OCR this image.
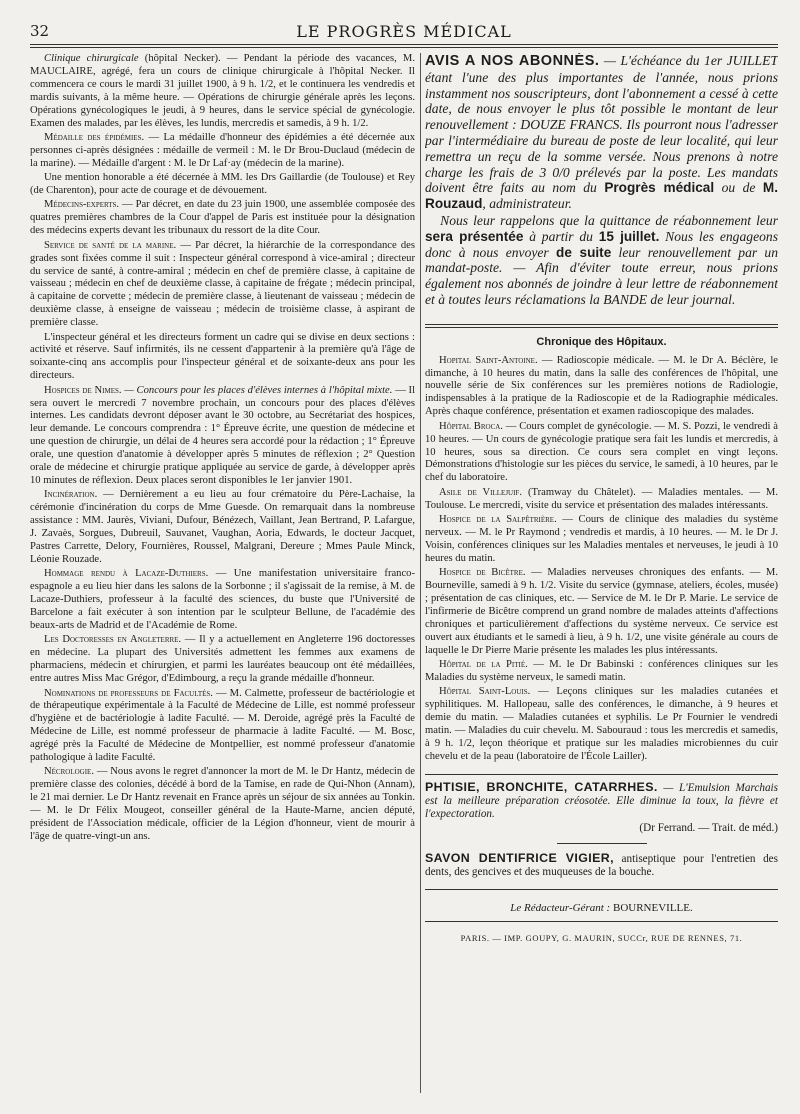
32	LE PROGRÈS MÉDICAL

Clinique chirurgicale (hôpital Necker). — Pendant la période des vacances, M. MAUCLAIRE, agrégé, fera un cours de clinique chirurgicale à l'hôpital Necker. Il commencera ce cours le mardi 31 juillet 1900, à 9 h. 1/2, et le continuera les vendredis et mardis suivants, à la même heure. — Opérations de chirurgie générale après les leçons. Opérations gynécologiques le jeudi, à 9 heures, dans le service spécial de gynécologie. Examen des malades, par les élèves, les lundis, mercredis et samedis, à 9 h. 1/2.

Médaille des épidémies. — La médaille d'honneur des épidémies a été décernée aux personnes ci-après désignées : médaille de vermeil : M. le Dr Brou-Duclaud (médecin de la marine). — Médaille d'argent : M. le Dr Laf·ay (médecin de la marine).

Une mention honorable a été décernée à MM. les Drs Gaillardie (de Toulouse) et Rey (de Charenton), pour acte de courage et de dévouement.

Médecins-experts. — Par décret, en date du 23 juin 1900, une assemblée composée des quatres premières chambres de la Cour d'appel de Paris est instituée pour la désignation des médecins experts devant les tribunaux du ressort de la dite Cour.

Service de santé de la marine. — Par décret, la hiérarchie de la correspondance des grades sont fixées comme il suit : Inspecteur général correspond à vice-amiral ; directeur du service de santé, à contre-amiral ; médecin en chef de première classe, à capitaine de vaisseau ; médecin en chef de deuxième classe, à capitaine de frégate ; médecin principal, à capitaine de corvette ; médecin de première classe, à lieutenant de vaisseau ; médecin de deuxième classe, à enseigne de vaisseau ; médecin de troisième classe, à aspirant de première classe.

L'inspecteur général et les directeurs forment un cadre qui se divise en deux sections : activité et réserve. Sauf infirmités, ils ne cessent d'appartenir à la première qu'à l'âge de soixante-cinq ans accomplis pour l'inspecteur général et de soixante-deux ans pour les directeurs.

Hospices de Nimes. — Concours pour les places d'élèves internes à l'hôpital mixte. — Il sera ouvert le mercredi 7 novembre prochain, un concours pour des places d'élèves internes. Les candidats devront déposer avant le 30 octobre, au Secrétariat des hospices, leur demande. Le concours comprendra : 1° Épreuve écrite, une question de médecine et une question de chirurgie, un délai de 4 heures sera accordé pour la rédaction ; 1° Épreuve orale, une question d'anatomie à développer après 5 minutes de réflexion ; 2° Question orale de médecine et chirurgie pratique appliquée au service de garde, à développer après 10 minutes de réflexion. Deux places seront disponibles le 1er janvier 1901.

Incinération. — Dernièrement a eu lieu au four crématoire du Père-Lachaise, la cérémonie d'incinération du corps de Mme Guesde. On remarquait dans la nombreuse assistance : MM. Jaurès, Viviani, Dufour, Bénézech, Vaillant, Jean Bertrand, P. Lafargue, J. Zavaès, Sorgues, Dubreuil, Sauvanet, Vaughan, Aoria, Edwards, le docteur Jacquet, Pastres Carrette, Delory, Fournières, Roussel, Malgrani, Dereure ; Mmes Paule Minck, Léonie Rouzade.

Hommage rendu à Lacaze-Duthiers. — Une manifestation universitaire franco-espagnole a eu lieu hier dans les salons de la Sorbonne ; il s'agissait de la remise, à M. de Lacaze-Duthiers, professeur à la faculté des sciences, du buste que l'Université de Barcelone a fait exécuter à son intention par le sculpteur Bellune, de l'académie des beaux-arts de Madrid et de l'Académie de Rome.

Les Doctoresses en Angleterre. — Il y a actuellement en Angleterre 196 doctoresses en médecine. La plupart des Universités admettent les femmes aux examens de pharmaciens, médecin et chirurgien, et parmi les lauréates beaucoup ont été médaillées, entre autres Miss Mac Grégor, d'Edimbourg, a reçu la grande médaille d'honneur.

Nominations de professeurs de Facultés. — M. Calmette, professeur de bactériologie et de thérapeutique expérimentale à la Faculté de Médecine de Lille, est nommé professeur d'hygiène et de bactériologie à ladite Faculté. — M. Deroide, agrégé près la Faculté de Médecine de Lille, est nommé professeur de pharmacie à ladite Faculté. — M. Bosc, agrégé près la Faculté de Médecine de Montpellier, est nommé professeur d'anatomie pathologique à ladite Faculté.

Nécrologie. — Nous avons le regret d'annoncer la mort de M. le Dr Hantz, médecin de première classe des colonies, décédé à bord de la Tamise, en rade de Qui-Nhon (Annam), le 21 mai dernier. Le Dr Hantz revenait en France après un séjour de six années au Tonkin. — M. le Dr Félix Mougeot, conseiller général de la Haute-Marne, ancien député, président de l'Association médicale, officier de la Légion d'honneur, vient de mourir à l'âge de quatre-vingt-un ans.

AVIS A NOS ABONNÉS. — L'échéance du 1er JUILLET étant l'une des plus importantes de l'année, nous prions instamment nos souscripteurs, dont l'abonnement a cessé à cette date, de nous envoyer le plus tôt possible le montant de leur renouvellement : DOUZE FRANCS. Ils pourront nous l'adresser par l'intermédiaire du bureau de poste de leur localité, qui leur remettra un reçu de la somme versée. Nous prenons à notre charge les frais de 3 0/0 prélevés par la poste. Les mandats doivent être faits au nom du Progrès médical ou de M. Rouzaud, administrateur.

Nous leur rappelons que la quittance de réabonnement leur sera présentée à partir du 15 juillet. Nous les engageons donc à nous envoyer de suite leur renouvellement par un mandat-poste. — Afin d'éviter toute erreur, nous prions également nos abonnés de joindre à leur lettre de réabonnement et à toutes leurs réclamations la BANDE de leur journal.

Chronique des Hôpitaux.

Hopital Saint-Antoine. — Radioscopie médicale. — M. le Dr A. Béclère, le dimanche, à 10 heures du matin, dans la salle des conférences de l'hôpital, une nouvelle série de Six conférences sur les premières notions de Radiologie, indispensables à la pratique de la Radioscopie et de la Radiographie médicales. Après chaque conférence, présentation et examen radioscopique des malades.

Hôpital Broca. — Cours complet de gynécologie. — M. S. Pozzi, le vendredi à 10 heures. — Un cours de gynécologie pratique sera fait les lundis et mercredis, à 10 heures, sous sa direction. Ce cours sera complet en vingt leçons. Démonstrations d'histologie sur les pièces du service, le samedi, à 10 heures, par le chef du laboratoire.

Asile de Villejuif. (Tramway du Châtelet). — Maladies mentales. — M. Toulouse. Le mercredi, visite du service et présentation des malades intéressants.

Hospice de la Salpêtrière. — Cours de clinique des maladies du système nerveux. — M. le Pr Raymond ; vendredis et mardis, à 10 heures. — M. le Dr J. Voisin, conférences cliniques sur les Maladies mentales et nerveuses, le jeudi à 10 heures du matin.

Hospice de Bicêtre. — Maladies nerveuses chroniques des enfants. — M. Bourneville, samedi à 9 h. 1/2. Visite du service (gymnase, ateliers, écoles, musée) ; présentation de cas cliniques, etc. — Service de M. le Dr P. Marie. Le service de l'infirmerie de Bicêtre comprend un grand nombre de malades atteints d'affections chroniques et particulièrement d'affections du système nerveux. Ce service est ouvert aux étudiants et le samedi à lieu, à 9 h. 1/2, une visite générale au cours de laquelle le Dr Pierre Marie présente les malades les plus intéressants.

Hôpital de la Pitié. — M. le Dr Babinski : conférences cliniques sur les Maladies du système nerveux, le samedi matin.

Hôpital Saint-Louis. — Leçons cliniques sur les maladies cutanées et syphilitiques. M. Hallopeau, salle des conférences, le dimanche, à 9 heures et demie du matin. — Maladies cutanées et syphilis. Le Pr Fournier le vendredi matin. — Maladies du cuir chevelu. M. Sabouraud : tous les mercredis et samedis, à 9 h. 1/2, leçon théorique et pratique sur les maladies microbiennes du cuir chevelu et de la peau (laboratoire de l'École Lailler).

PHTISIE, BRONCHITE, CATARRHES. — L'Emulsion Marchais est la meilleure préparation créosotée. Elle diminue la toux, la fièvre et l'expectoration.

(Dr Ferrand. — Trait. de méd.)

SAVON DENTIFRICE VIGIER, antiseptique pour l'entretien des dents, des gencives et des muqueuses de la bouche.

Le Rédacteur-Gérant : BOURNEVILLE.
PARIS. — IMP. GOUPY, G. MAURIN, SUCCr, RUE DE RENNES, 71.
